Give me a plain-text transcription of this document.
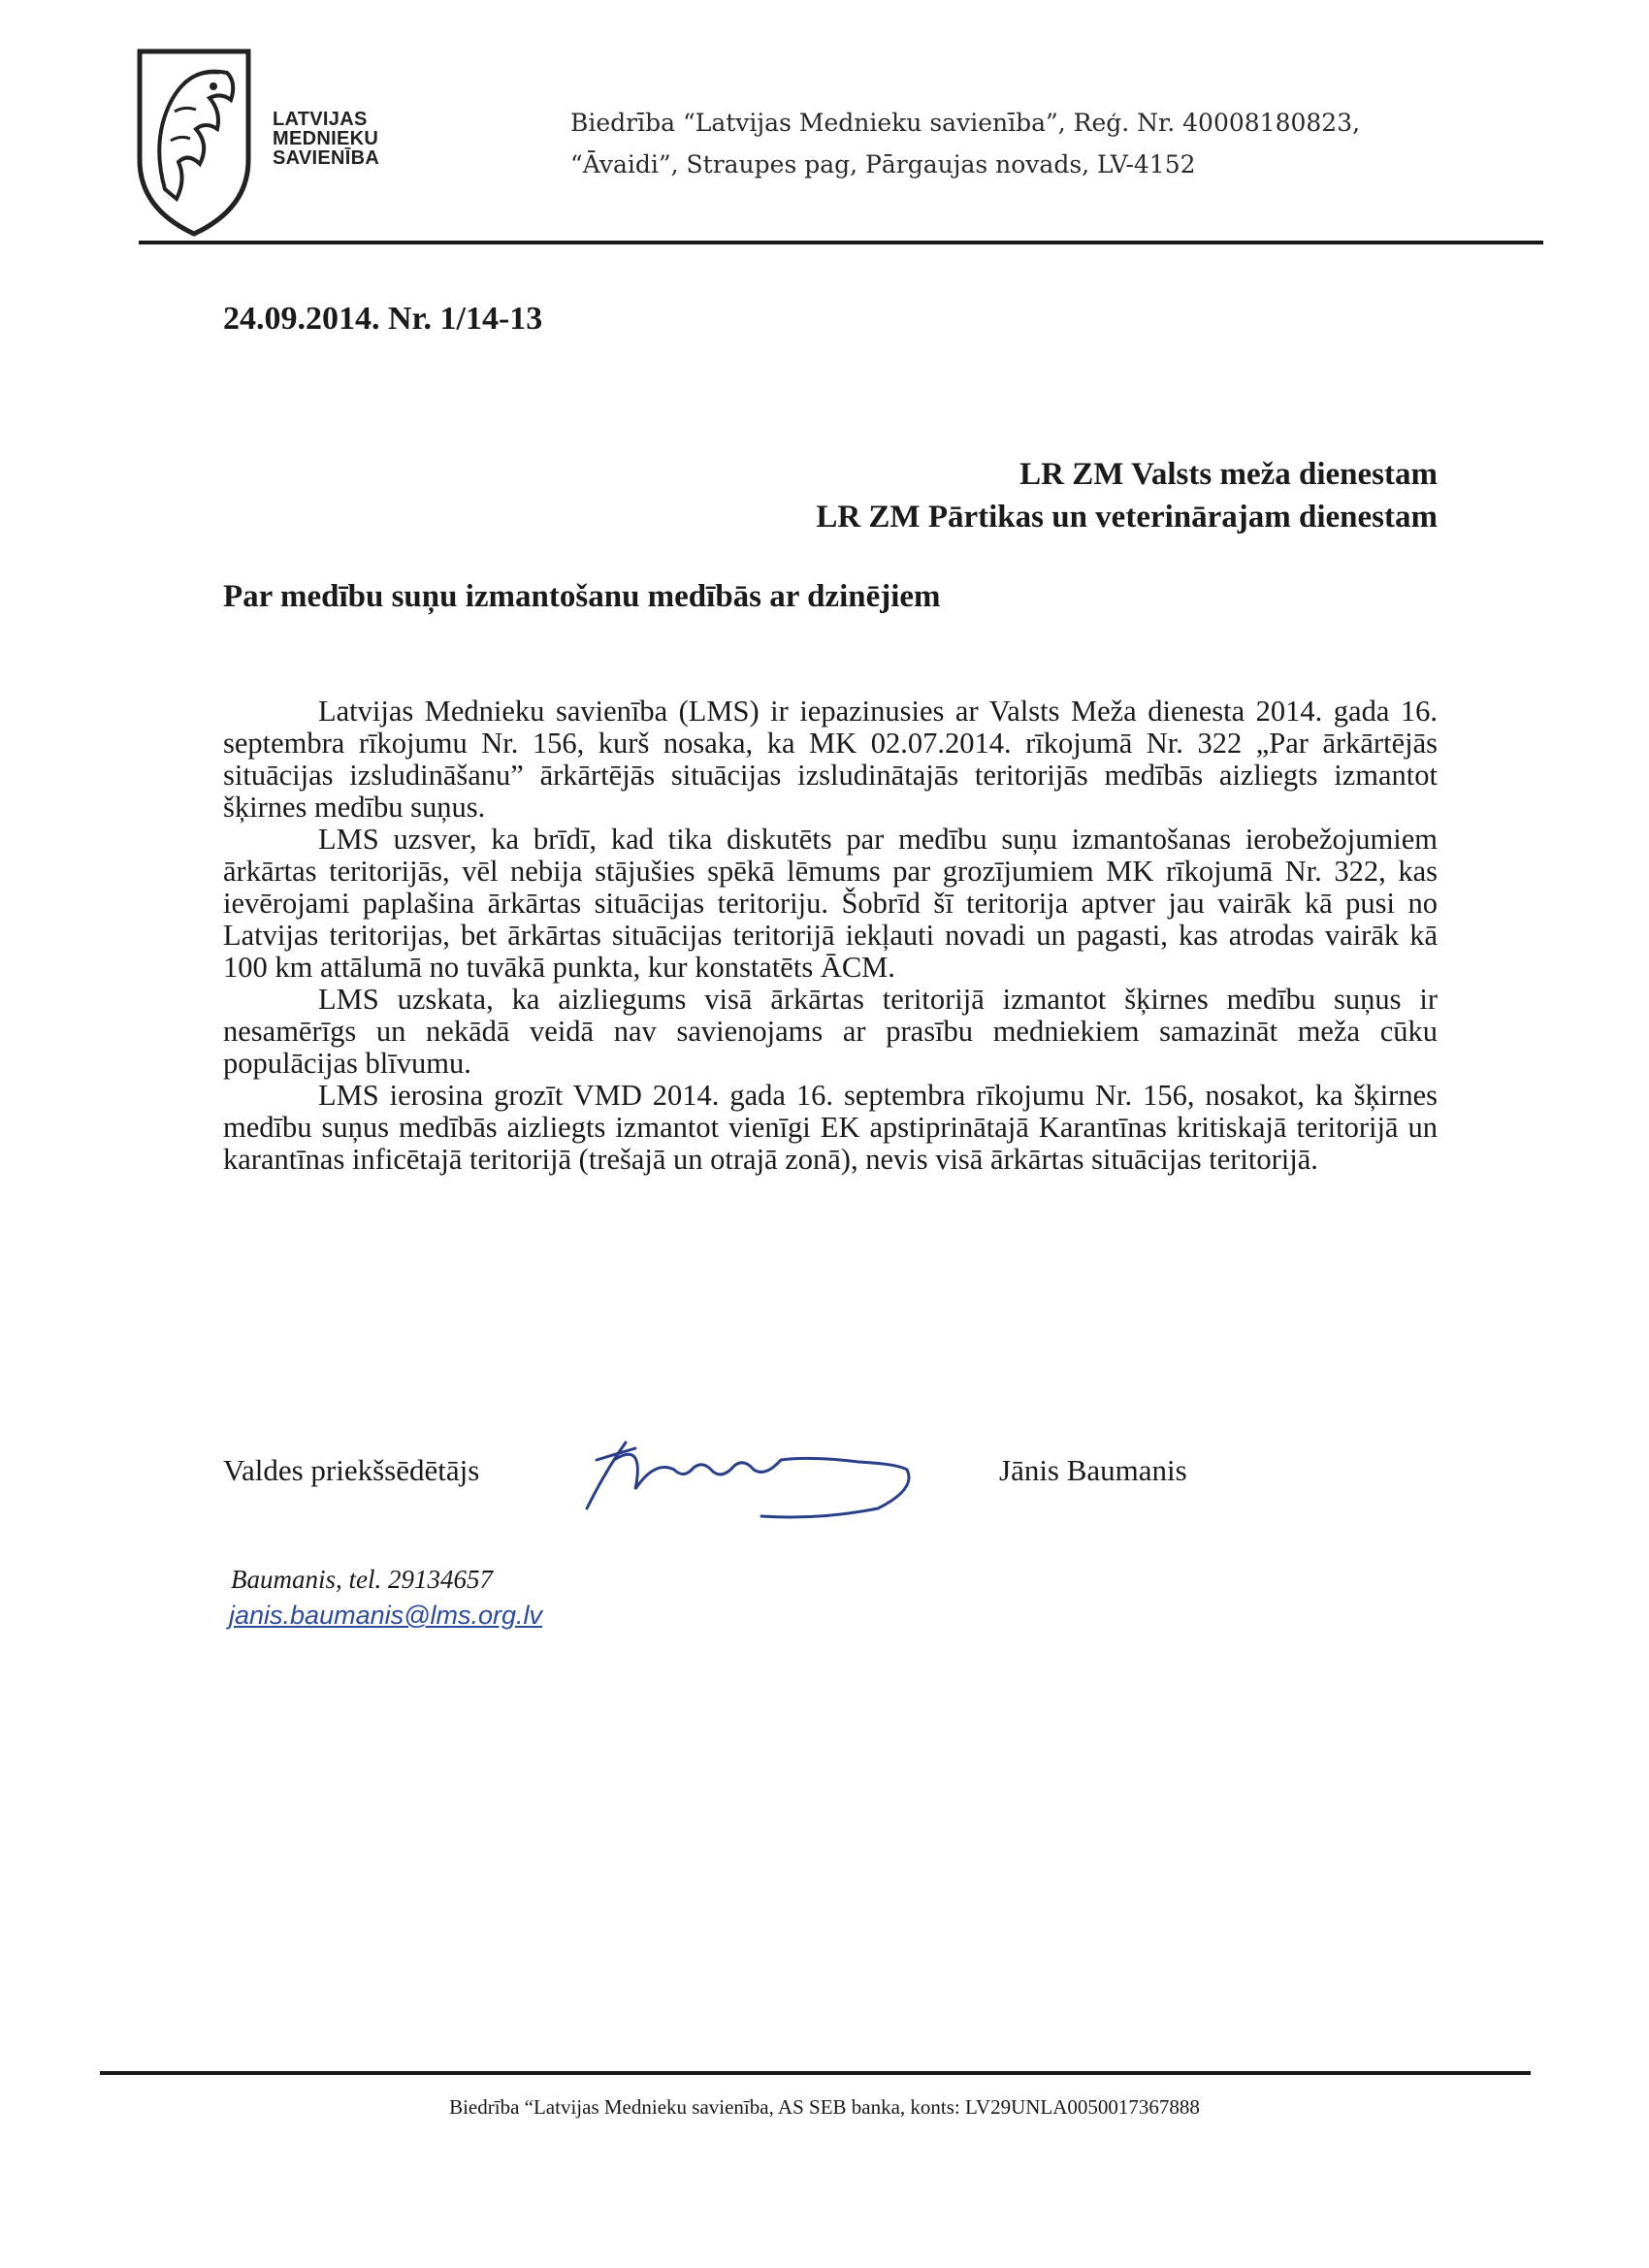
LATVIJAS
MEDNIEKU
SAVIENĪBA
Biedrība “Latvijas Mednieku savienība”, Reģ. Nr. 40008180823,
“Āvaidi”, Straupes pag, Pārgaujas novads, LV-4152
24.09.2014. Nr. 1/14-13
LR ZM Valsts meža dienestam
LR ZM Pārtikas un veterinārajam dienestam
Par medību suņu izmantošanu medībās ar dzinējiem

Latvijas Mednieku savienība (LMS) ir iepazinusies ar Valsts Meža dienesta 2014. gada 16. septembra rīkojumu Nr. 156, kurš nosaka, ka MK 02.07.2014. rīkojumā Nr. 322 „Par ārkārtējās situācijas izsludināšanu” ārkārtējās situācijas izsludinātajās teritorijās medībās aizliegts izmantot šķirnes medību suņus.

LMS uzsver, ka brīdī, kad tika diskutēts par medību suņu izmantošanas ierobežojumiem ārkārtas teritorijās, vēl nebija stājušies spēkā lēmums par grozījumiem MK rīkojumā Nr. 322, kas ievērojami paplašina ārkārtas situācijas teritoriju. Šobrīd šī teritorija aptver jau vairāk kā pusi no Latvijas teritorijas, bet ārkārtas situācijas teritorijā iekļauti novadi un pagasti, kas atrodas vairāk kā 100 km attālumā no tuvākā punkta, kur konstatēts ĀCM.

LMS uzskata, ka aizliegums visā ārkārtas teritorijā izmantot šķirnes medību suņus ir nesamērīgs un nekādā veidā nav savienojams ar prasību medniekiem samazināt meža cūku populācijas blīvumu.

LMS ierosina grozīt VMD 2014. gada 16. septembra rīkojumu Nr. 156, nosakot, ka šķirnes medību suņus medībās aizliegts izmantot vienīgi EK apstiprinātajā Karantīnas kritiskajā teritorijā un karantīnas inficētajā teritorijā (trešajā un otrajā zonā), nevis visā ārkārtas situācijas teritorijā.

Valdes priekšsēdētājs	Jānis Baumanis
Baumanis, tel. 29134657
janis.baumanis@lms.org.lv
Biedrība “Latvijas Mednieku savienība, AS SEB banka, konts: LV29UNLA0050017367888
